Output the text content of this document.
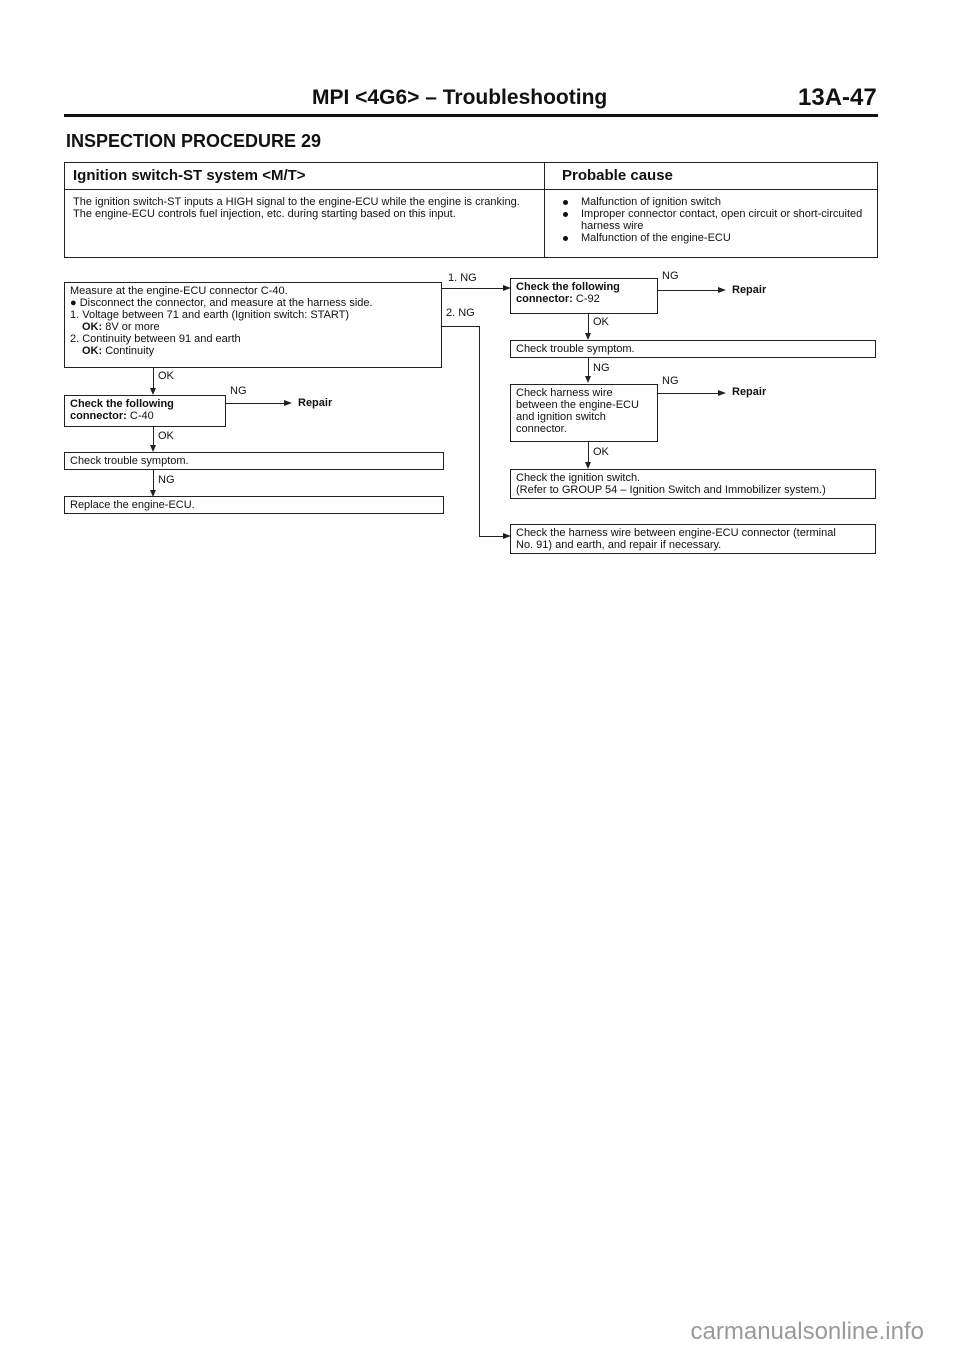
MPI <4G6> – Troubleshooting	13A-47
INSPECTION PROCEDURE 29
Ignition switch-ST system <M/T>	Probable cause
The ignition switch-ST inputs a HIGH signal to the engine-ECU while the engine is cranking.
The engine-ECU controls fuel injection, etc. during starting based on this input.
Malfunction of ignition switch
Improper connector contact, open circuit or short-circuited harness wire
Malfunction of the engine-ECU
Measure at the engine-ECU connector C-40.
● Disconnect the connector, and measure at the harness side.
1. Voltage between 71 and earth (Ignition switch: START)
OK: 8V or more
2. Continuity between 91 and earth
OK: Continuity
OK
Check the following
connector: C-40
NG
Repair
OK
Check trouble symptom.
NG
Replace the engine-ECU.
1. NG
2. NG
Check the following
connector: C-92
NG
Repair
OK
Check trouble symptom.
NG
Check harness wire between the engine-ECU and ignition switch connector.
NG
Repair
OK
Check the ignition switch.
(Refer to GROUP 54 – Ignition Switch and Immobilizer system.)
Check the harness wire between engine-ECU connector (terminal
No. 91) and earth, and repair if necessary.
carmanualsonline.info
